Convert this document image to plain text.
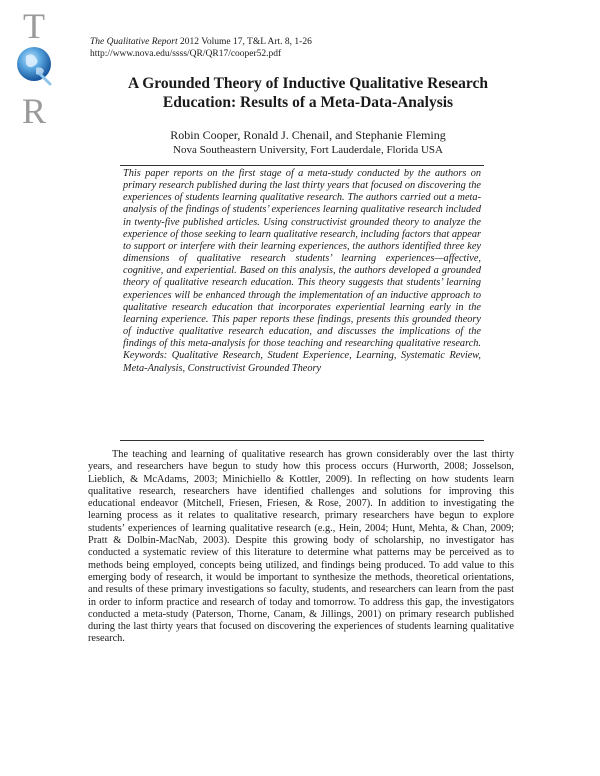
T
R
The Qualitative Report 2012 Volume 17, T&L Art. 8, 1-26
http://www.nova.edu/ssss/QR/QR17/cooper52.pdf
A Grounded Theory of Inductive Qualitative Research
Education: Results of a Meta-Data-Analysis
Robin Cooper, Ronald J. Chenail, and Stephanie Fleming
Nova Southeastern University, Fort Lauderdale, Florida USA
This paper reports on the first stage of a meta-study conducted by the authors on primary research published during the last thirty years that focused on discovering the experiences of students learning qualitative research. The authors carried out a meta-analysis of the findings of students’ experiences learning qualitative research included in twenty-five published articles. Using constructivist grounded theory to analyze the experience of those seeking to learn qualitative research, including factors that appear to support or interfere with their learning experiences, the authors identified three key dimensions of qualitative research students’ learning experiences—affective, cognitive, and experiential. Based on this analysis, the authors developed a grounded theory of qualitative research education. This theory suggests that students’ learning experiences will be enhanced through the implementation of an inductive approach to qualitative research education that incorporates experiential learning early in the learning experience. This paper reports these findings, presents this grounded theory of inductive qualitative research education, and discusses the implications of the findings of this meta-analysis for those teaching and researching qualitative research. Keywords: Qualitative Research, Student Experience, Learning, Systematic Review, Meta-Analysis, Constructivist Grounded Theory
The teaching and learning of qualitative research has grown considerably over the last thirty years, and researchers have begun to study how this process occurs (Hurworth, 2008; Josselson, Lieblich, & McAdams, 2003; Minichiello & Kottler, 2009). In reflecting on how students learn qualitative research, researchers have identified challenges and solutions for improving this educational endeavor (Mitchell, Friesen, Friesen, & Rose, 2007). In addition to investigating the learning process as it relates to qualitative research, primary researchers have begun to explore students’ experiences of learning qualitative research (e.g., Hein, 2004; Hunt, Mehta, & Chan, 2009; Pratt & Dolbin-MacNab, 2003). Despite this growing body of scholarship, no investigator has conducted a systematic review of this literature to determine what patterns may be perceived as to methods being employed, concepts being utilized, and findings being produced. To add value to this emerging body of research, it would be important to synthesize the methods, theoretical orientations, and results of these primary investigations so faculty, students, and researchers can learn from the past in order to inform practice and research of today and tomorrow. To address this gap, the investigators conducted a meta-study (Paterson, Thorne, Canam, & Jillings, 2001) on primary research published during the last thirty years that focused on discovering the experiences of students learning qualitative research.
